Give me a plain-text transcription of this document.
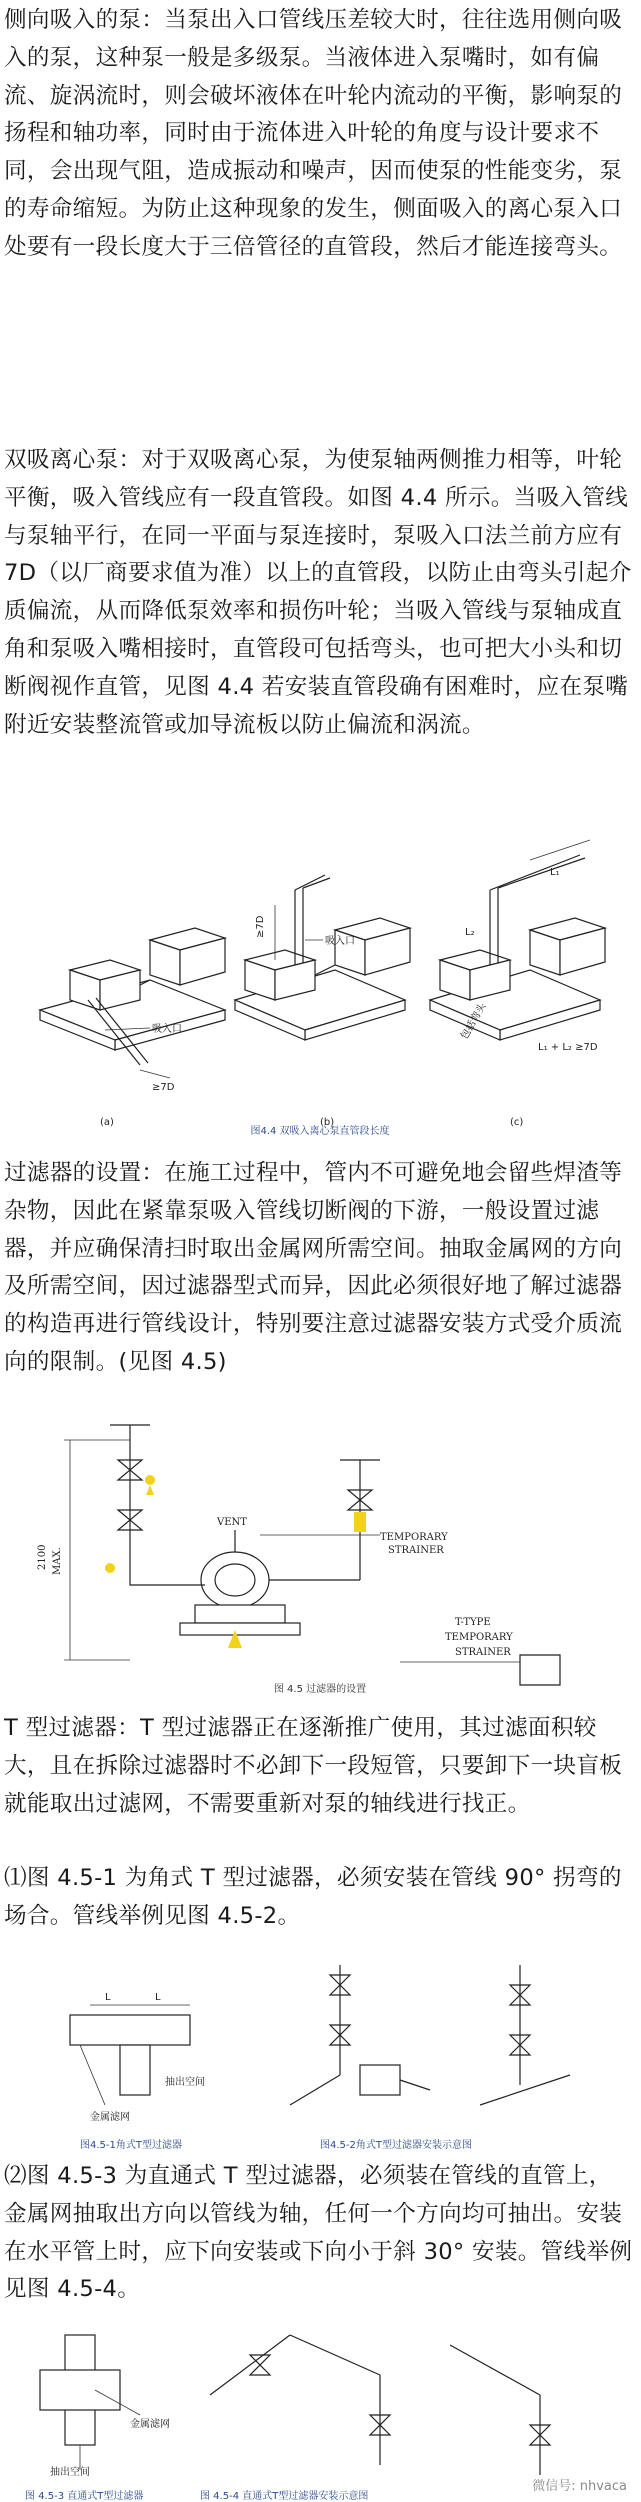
侧向吸入的泵：当泵出入口管线压差较大时，往往选用侧向吸入的泵，这种泵一般是多级泵。当液体进入泵嘴时，如有偏流、旋涡流时，则会破坏液体在叶轮内流动的平衡，影响泵的扬程和轴功率，同时由于流体进入叶轮的角度与设计要求不同，会出现气阻，造成振动和噪声，因而使泵的性能变劣，泵的寿命缩短。为防止这种现象的发生，侧面吸入的离心泵入口处要有一段长度大于三倍管径的直管段，然后才能连接弯头。

双吸离心泵：对于双吸离心泵，为使泵轴两侧推力相等，叶轮平衡，吸入管线应有一段直管段。如图 4.4 所示。当吸入管线与泵轴平行，在同一平面与泵连接时，泵吸入口法兰前方应有 7D（以厂商要求值为准）以上的直管段，以防止由弯头引起介质偏流，从而降低泵效率和损伤叶轮；当吸入管线与泵轴成直角和泵吸入嘴相接时，直管段可包括弯头，也可把大小头和切断阀视作直管，见图 4.4 若安装直管段确有困难时，应在泵嘴附近安装整流管或加导流板以防止偏流和涡流。

吸入口
≥7D
(a)
≥7D
吸入口
(b)
L₁
L₂
包括弯头
L₁ + L₂ ≥7D
(c)
图4.4 双吸入离心泵直管段长度

过滤器的设置：在施工过程中，管内不可避免地会留些焊渣等杂物，因此在紧靠泵吸入管线切断阀的下游，一般设置过滤器，并应确保清扫时取出金属网所需空间。抽取金属网的方向及所需空间，因过滤器型式而异，因此必须很好地了解过滤器的构造再进行管线设计，特别要注意过滤器安装方式受介质流向的限制。(见图 4.5)

2100 MAX.
VENT
TEMPORARY
STRAINER
T-TYPE
TEMPORARY
STRAINER
图 4.5 过滤器的设置

T 型过滤器：T 型过滤器正在逐渐推广使用，其过滤面积较大，且在拆除过滤器时不必卸下一段短管，只要卸下一块盲板就能取出过滤网，不需要重新对泵的轴线进行找正。

⑴图 4.5-1 为角式 T 型过滤器，必须安装在管线 90° 拐弯的场合。管线举例见图 4.5-2。

L	L
金属滤网
抽出空间
图4.5-1角式T型过滤器	图4.5-2角式T型过滤器安装示意图

⑵图 4.5-3 为直通式 T 型过滤器，必须装在管线的直管上，金属网抽取出方向以管线为轴，任何一个方向均可抽出。安装在水平管上时，应下向安装或下向小于斜 30° 安装。管线举例见图 4.5-4。

金属滤网
抽出空间
图 4.5-3 直通式T型过滤器	图 4.5-4 直通式T型过滤器安装示意图
微信号: nhvaca
